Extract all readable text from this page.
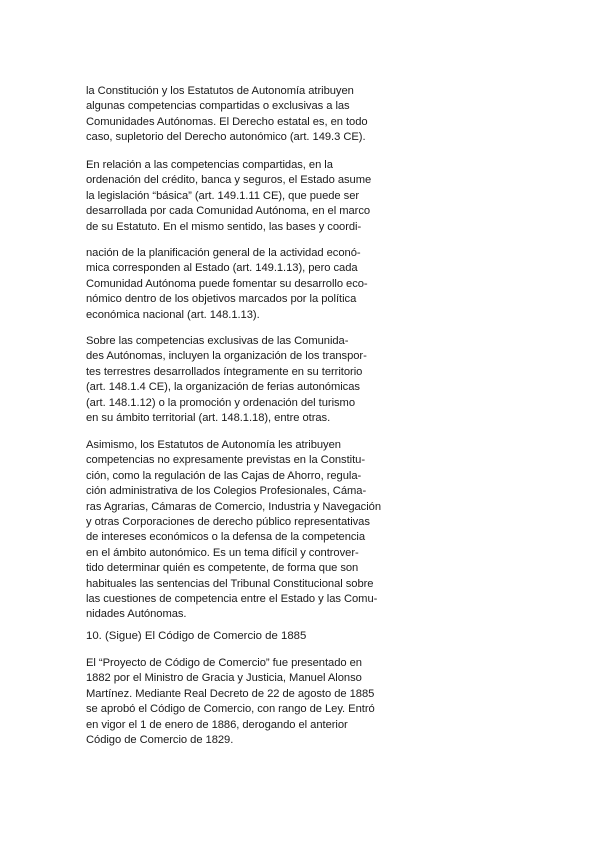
la Constitución y los Estatutos de Autonomía atribuyen
algunas competencias compartidas o exclusivas a las
Comunidades Autónomas. El Derecho estatal es, en todo
caso, supletorio del Derecho autonómico (art. 149.3 CE).
En relación a las competencias compartidas, en la
ordenación del crédito, banca y seguros, el Estado asume
la legislación “básica” (art. 149.1.11 CE), que puede ser
desarrollada por cada Comunidad Autónoma, en el marco
de su Estatuto. En el mismo sentido, las bases y coordi-
nación de la planificación general de la actividad econó-
mica corresponden al Estado (art. 149.1.13), pero cada
Comunidad Autónoma puede fomentar su desarrollo eco-
nómico dentro de los objetivos marcados por la política
económica nacional (art. 148.1.13).
Sobre las competencias exclusivas de las Comunida-
des Autónomas, incluyen la organización de los transpor-
tes terrestres desarrollados íntegramente en su territorio
(art. 148.1.4 CE), la organización de ferias autonómicas
(art. 148.1.12) o la promoción y ordenación del turismo
en su ámbito territorial (art. 148.1.18), entre otras.
Asimismo, los Estatutos de Autonomía les atribuyen
competencias no expresamente previstas en la Constitu-
ción, como la regulación de las Cajas de Ahorro, regula-
ción administrativa de los Colegios Profesionales, Cáma-
ras Agrarias, Cámaras de Comercio, Industria y Navegación
y otras Corporaciones de derecho público representativas
de intereses económicos o la defensa de la competencia
en el ámbito autonómico. Es un tema difícil y controver-
tido determinar quién es competente, de forma que son
habituales las sentencias del Tribunal Constitucional sobre
las cuestiones de competencia entre el Estado y las Comu-
nidades Autónomas.
10. (Sigue) El Código de Comercio de 1885
El “Proyecto de Código de Comercio” fue presentado en
1882 por el Ministro de Gracia y Justicia, Manuel Alonso
Martínez. Mediante Real Decreto de 22 de agosto de 1885
se aprobó el Código de Comercio, con rango de Ley. Entró
en vigor el 1 de enero de 1886, derogando el anterior
Código de Comercio de 1829.
